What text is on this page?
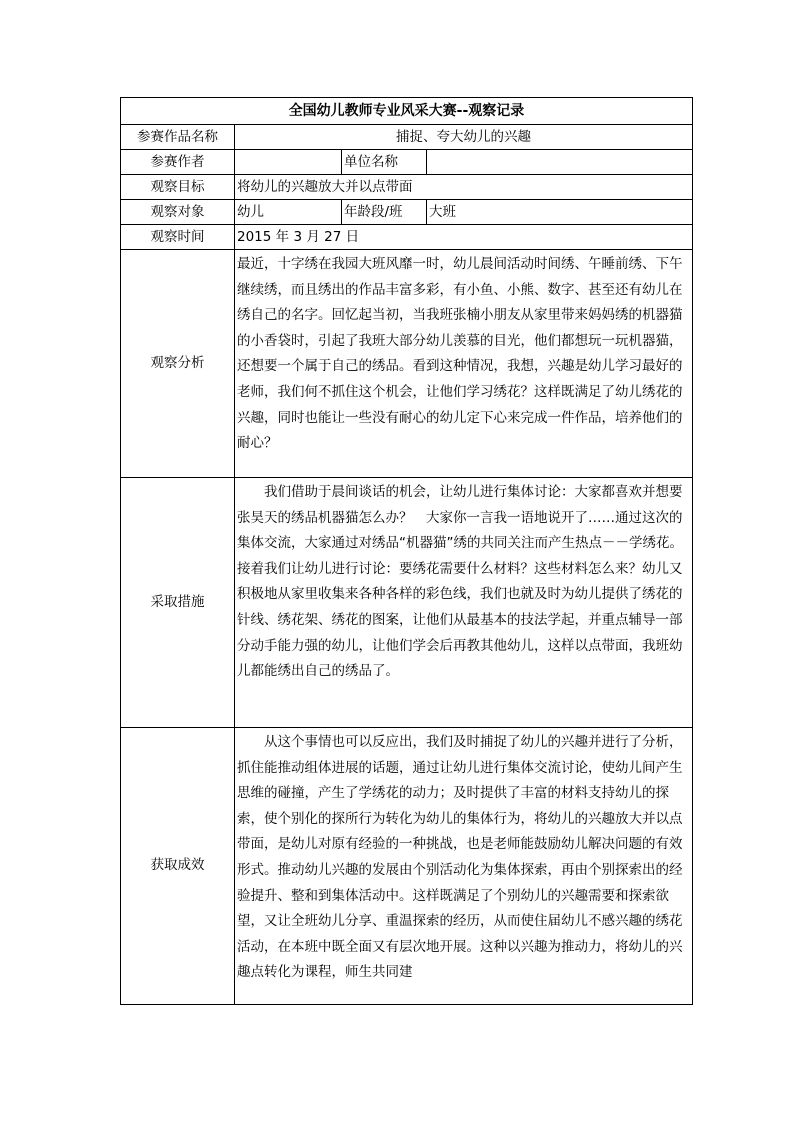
全国幼儿教师专业风采大赛--观察记录			
参赛作品名称	捕捉、夸大幼儿的兴趣		
参赛作者		单位名称	
观察目标	将幼儿的兴趣放大并以点带面		
观察对象	幼儿	年龄段/班	大班
观察时间	2015 年 3 月 27 日		
观察分析	最近，十字绣在我园大班风靡一时，幼儿晨间活动时间绣、午睡前绣、下午继续绣，而且绣出的作品丰富多彩，有小鱼、小熊、数字、甚至还有幼儿在绣自己的名字。回忆起当初，当我班张楠小朋友从家里带来妈妈绣的机器猫的小香袋时，引起了我班大部分幼儿羡慕的目光，他们都想玩一玩机器猫，还想要一个属于自己的绣品。看到这种情况，我想，兴趣是幼儿学习最好的老师，我们何不抓住这个机会，让他们学习绣花？这样既满足了幼儿绣花的兴趣，同时也能让一些没有耐心的幼儿定下心来完成一件作品，培养他们的耐心？		

采取措施	我们借助于晨间谈话的机会，让幼儿进行集体讨论：大家都喜欢并想要张昊天的绣品机器猫怎么办？　大家你一言我一语地说开了……通过这次的集体交流，大家通过对绣品“机器猫”绣的共同关注而产生热点－－学绣花。接着我们让幼儿进行讨论：要绣花需要什么材料？这些材料怎么来？幼儿又积极地从家里收集来各种各样的彩色线，我们也就及时为幼儿提供了绣花的针线、绣花架、绣花的图案，让他们从最基本的技法学起，并重点辅导一部分动手能力强的幼儿，让他们学会后再教其他幼儿，这样以点带面，我班幼儿都能绣出自己的绣品了。		

获取成效	从这个事情也可以反应出，我们及时捕捉了幼儿的兴趣并进行了分析，抓住能推动组体进展的话题，通过让幼儿进行集体交流讨论，使幼儿间产生思维的碰撞，产生了学绣花的动力；及时提供了丰富的材料支持幼儿的探索，使个别化的探所行为转化为幼儿的集体行为，将幼儿的兴趣放大并以点带面，是幼儿对原有经验的一种挑战，也是老师能鼓励幼儿解决问题的有效形式。推动幼儿兴趣的发展由个别活动化为集体探索，再由个别探索出的经验提升、整和到集体活动中。这样既满足了个别幼儿的兴趣需要和探索欲望，又让全班幼儿分享、重温探索的经历，从而使住届幼儿不感兴趣的绣花活动，在本班中既全面又有层次地开展。这种以兴趣为推动力，将幼儿的兴趣点转化为课程，师生共同建		
